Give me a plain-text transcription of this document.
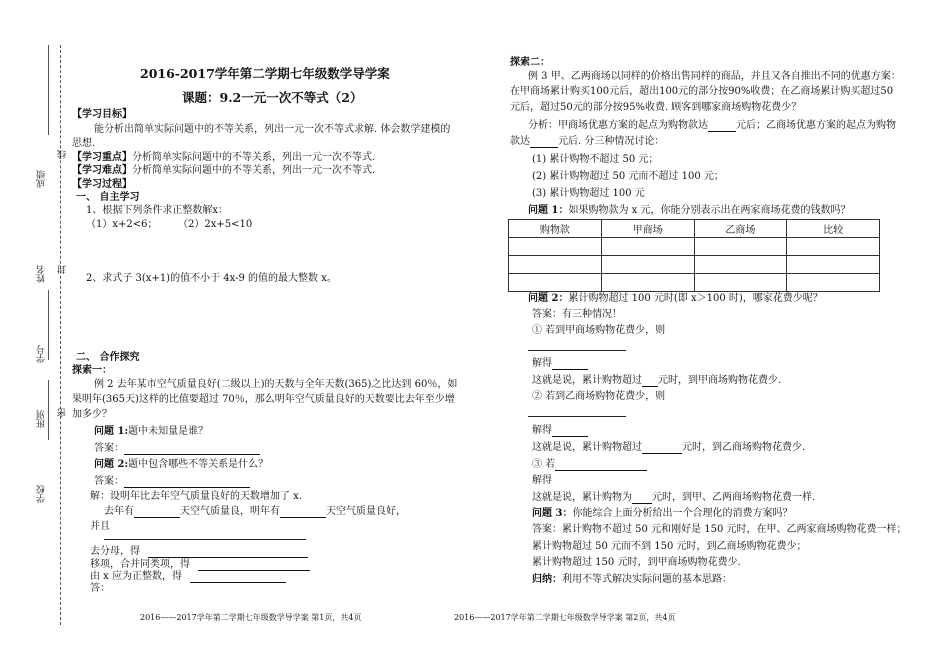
成绩
线
姓名 封
学号
班别 密
学校
2016-2017学年第二学期七年级数学导学案
课题：9.2一元一次不等式（2）
【学习目标】
能分析出简单实际问题中的不等关系，列出一元一次不等式求解. 体会数学建模的
思想.
【学习重点】分析简单实际问题中的不等关系，列出一元一次不等式.
【学习难点】分析简单实际问题中的不等关系，列出一元一次不等式.
【学习过程】
一、 自主学习
1、根据下列条件求正整数解x：
（1）x+2<6； （2）2x+5<10
2、求式子 3(x+1)的值不小于 4x-9 的值的最大整数 x。
二、 合作探究
探索一：
例 2 去年某市空气质量良好(二级以上)的天数与全年天数(365)之比达到 60％，如
果明年(365天)这样的比值要超过 70％，那么明年空气质量良好的天数要比去年至少增
加多少？
问题 1:题中未知量是谁？
答案：
问题 2:题中包含哪些不等关系是什么？
答案：
解：设明年比去年空气质量良好的天数增加了 x.
去年有	天空气质量良，明年有	天空气质量良好，
并且
去分母，得
移项，合并同类项，得
由 x 应为正整数，得
答：
2016——2017学年第二学期七年级数学导学案 第1页，共4页
探索二：
例 3 甲、乙两商场以同样的价格出售同样的商品，并且又各自推出不同的优惠方案：
在甲商场累计购买100元后，超出100元的部分按90%收费；在乙商场累计购买超过50
元后，超过50元的部分按95%收费. 顾客到哪家商场购物花费少？
分析：甲商场优惠方案的起点为购物款达	元后；乙商场优惠方案的起点为购物
款达	元后. 分三种情况讨论：
(1) 累计购物不超过 50 元；
(2) 累计购物超过 50 元而不超过 100 元；
(3) 累计购物超过 100 元
问题 1：如果购物款为 x 元，你能分别表示出在两家商场花费的钱数吗？
购物款	甲商场	乙商场	比较

问题 2：累计购物超过 100 元时(即 x＞100 时)，哪家花费少呢？
答案：有三种情况！
① 若到甲商场购物花费少，则
解得
这就是说，累计购物超过 元时，到甲商场购物花费少.
② 若到乙商场购物花费少，则
解得
这就是说，累计购物超过	元时，到乙商场购物花费少.
③ 若
解得
这就是说，累计购物为 元时，到甲、乙两商场购物花费一样.
问题 3：你能综合上面分析给出一个合理化的消费方案吗？
答案：累计购物不超过 50 元和刚好是 150 元时，在甲、乙两家商场购物花费一样；
累计购物超过 50 元而不到 150 元时，到乙商场购物花费少；
累计购物超过 150 元时，到甲商场购物花费少.
归纳：利用不等式解决实际问题的基本思路：
2016——2017学年第二学期七年级数学导学案 第2页，共4页
